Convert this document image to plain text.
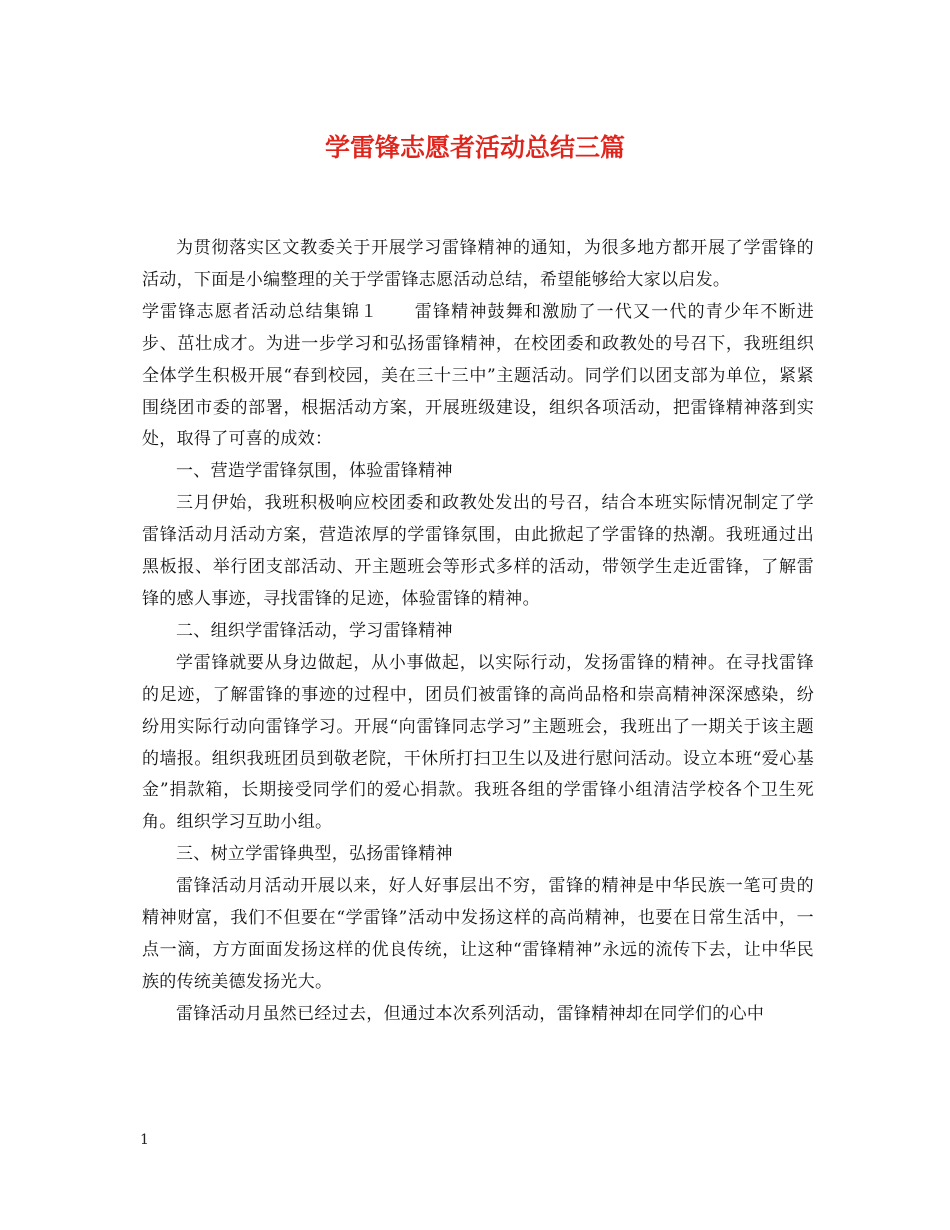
学雷锋志愿者活动总结三篇

为贯彻落实区文教委关于开展学习雷锋精神的通知，为很多地方都开展了学雷锋的活动，下面是小编整理的关于学雷锋志愿活动总结，希望能够给大家以启发。

学雷锋志愿者活动总结集锦１　　雷锋精神鼓舞和激励了一代又一代的青少年不断进步、茁壮成才。为进一步学习和弘扬雷锋精神，在校团委和政教处的号召下，我班组织全体学生积极开展“春到校园，美在三十三中”主题活动。同学们以团支部为单位，紧紧围绕团市委的部署，根据活动方案，开展班级建设，组织各项活动，把雷锋精神落到实处，取得了可喜的成效：

一、营造学雷锋氛围，体验雷锋精神

三月伊始，我班积极响应校团委和政教处发出的号召，结合本班实际情况制定了学雷锋活动月活动方案，营造浓厚的学雷锋氛围，由此掀起了学雷锋的热潮。我班通过出黑板报、举行团支部活动、开主题班会等形式多样的活动，带领学生走近雷锋，了解雷锋的感人事迹，寻找雷锋的足迹，体验雷锋的精神。

二、组织学雷锋活动，学习雷锋精神

学雷锋就要从身边做起，从小事做起，以实际行动，发扬雷锋的精神。在寻找雷锋的足迹，了解雷锋的事迹的过程中，团员们被雷锋的高尚品格和崇高精神深深感染，纷纷用实际行动向雷锋学习。开展“向雷锋同志学习”主题班会，我班出了一期关于该主题的墙报。组织我班团员到敬老院，干休所打扫卫生以及进行慰问活动。设立本班“爱心基金”捐款箱，长期接受同学们的爱心捐款。我班各组的学雷锋小组清洁学校各个卫生死角。组织学习互助小组。

三、树立学雷锋典型，弘扬雷锋精神

雷锋活动月活动开展以来，好人好事层出不穷，雷锋的精神是中华民族一笔可贵的精神财富，我们不但要在“学雷锋”活动中发扬这样的高尚精神，也要在日常生活中，一点一滴，方方面面发扬这样的优良传统，让这种“雷锋精神”永远的流传下去，让中华民族的传统美德发扬光大。

雷锋活动月虽然已经过去，但通过本次系列活动，雷锋精神却在同学们的心中

1
